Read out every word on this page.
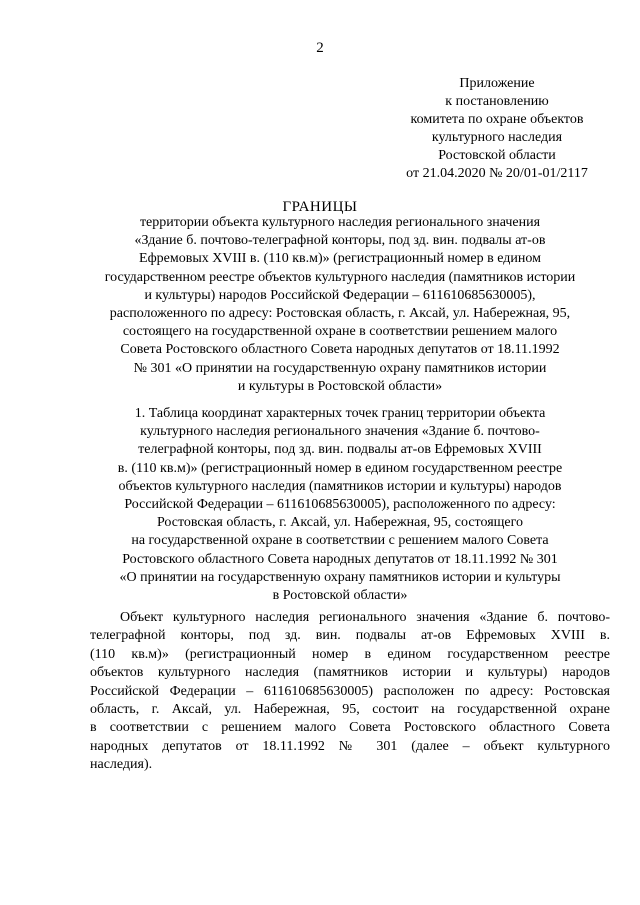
2
Приложение
к постановлению
комитета по охране объектов
культурного наследия
Ростовской области
от 21.04.2020 № 20/01-01/2117
ГРАНИЦЫ
территории объекта культурного наследия регионального значения
«Здание б. почтово-телеграфной конторы, под зд. вин. подвалы ат-ов
Ефремовых XVIII в. (110 кв.м)» (регистрационный номер в едином
государственном реестре объектов культурного наследия (памятников истории
и культуры) народов Российской Федерации – 611610685630005),
расположенного по адресу: Ростовская область, г. Аксай, ул. Набережная, 95,
состоящего на государственной охране в соответствии решением малого
Совета Ростовского областного Совета народных депутатов от 18.11.1992
№ 301 «О принятии на государственную охрану памятников истории
и культуры в Ростовской области»
1. Таблица координат характерных точек границ территории объекта
культурного наследия регионального значения «Здание б. почтово-
телеграфной конторы, под зд. вин. подвалы ат-ов Ефремовых XVIII
в. (110 кв.м)» (регистрационный номер в едином государственном реестре
объектов культурного наследия (памятников истории и культуры) народов
Российской Федерации – 611610685630005), расположенного по адресу:
Ростовская область, г. Аксай, ул. Набережная, 95, состоящего
на государственной охране в соответствии с решением малого Совета
Ростовского областного Совета народных депутатов от 18.11.1992 № 301
«О принятии на государственную охрану памятников истории и культуры
в Ростовской области»
Объект культурного наследия регионального значения «Здание б. почтово-
телеграфной конторы, под зд. вин. подвалы ат-ов Ефремовых XVIII в.
(110 кв.м)» (регистрационный номер в едином государственном реестре
объектов культурного наследия (памятников истории и культуры) народов
Российской Федерации – 611610685630005) расположен по адресу: Ростовская
область, г. Аксай, ул. Набережная, 95, состоит на государственной охране
в соответствии с решением малого Совета Ростовского областного Совета
народных депутатов от 18.11.1992 № 301 (далее – объект культурного
наследия).
